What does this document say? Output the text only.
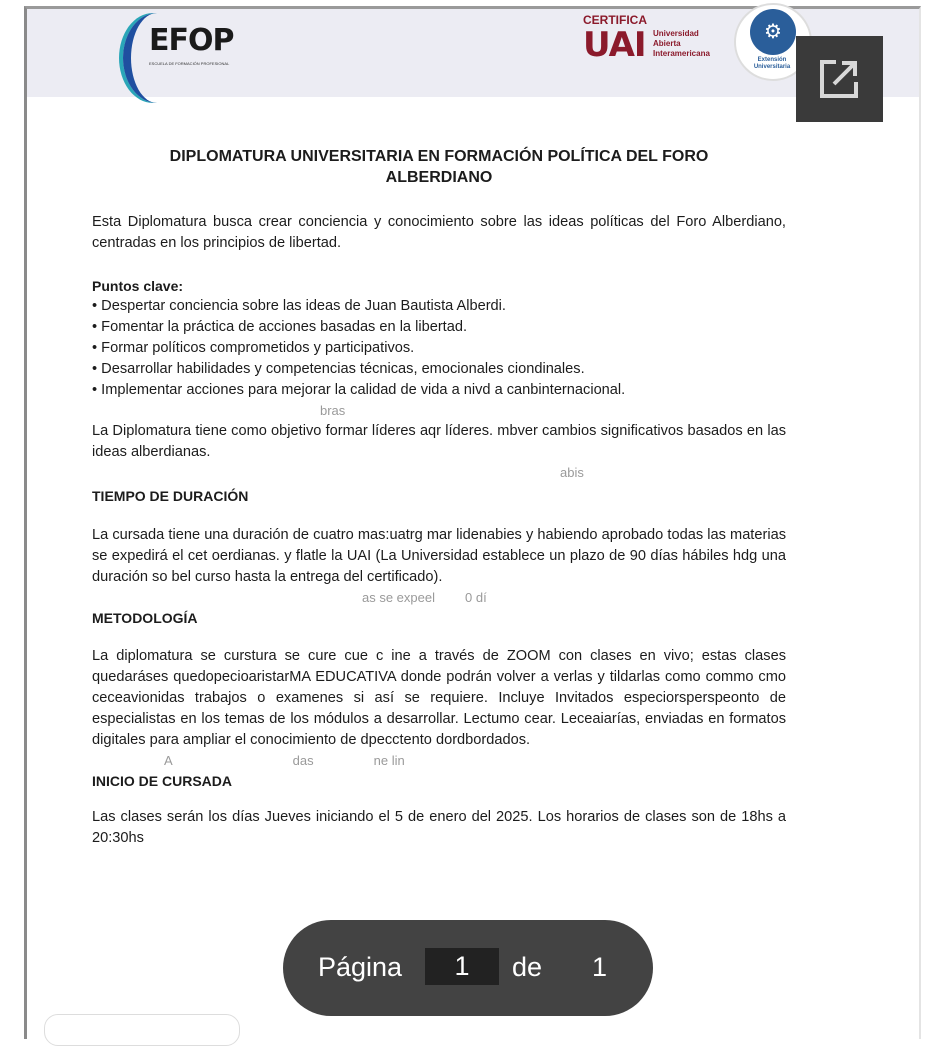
EFOP
ESCUELA DE FORMACIÓN PROFESIONAL
CERTIFICA
UAI Universidad
Abierta
Interamericana
⚙
Extensión Universitaria
DIPLOMATURA UNIVERSITARIA EN FORMACIÓN POLÍTICA DEL FORO ALBERDIANO
Esta Diplomatura busca crear conciencia y conocimiento sobre las ideas políticas del Foro Alberdiano, centradas en los principios de libertad.
Puntos clave:
• Despertar conciencia sobre las ideas de Juan Bautista Alberdi.
• Fomentar la práctica de acciones basadas en la libertad.
• Formar políticos comprometidos y participativos.
• Desarrollar habilidades y competencias técnicas, emocionales ciondinales.
• Implementar acciones para mejorar la calidad de vida a nivd a canbinternacional.
bras
La Diplomatura tiene como objetivo formar líderes aqr líderes. mbver cambios significativos basados en las ideas alberdianas.
abis
TIEMPO DE DURACIÓN
La cursada tiene una duración de cuatro mas:uatrg mar lidenabies y habiendo aprobado todas las materias se expedirá el cet oerdianas. y flatle la UAI (La Universidad establece un plazo de 90 días hábiles hdg una duración so bel curso hasta la entrega del certificado).
as se expeel 0 dí
METODOLOGÍA
La diplomatura se curstura se cure cue c ine a través de ZOOM con clases en vivo; estas clases quedaráses quedopecioaristarMA EDUCATIVA donde podrán volver a verlas y tildarlas como commo cmo ceceavionidas trabajos o examenes si así se requiere. Incluye Invitados especiorsperspeonto de especialistas en los temas de los módulos a desarrollar. Lectumo cear. Leceaiarías, enviadas en formatos digitales para ampliar el conocimiento de dpecctento dordbordados.
A	das	ne lin
INICIO DE CURSADA
Las clases serán los días Jueves iniciando el 5 de enero del 2025. Los horarios de clases son de 18hs a 20:30hs
Página	1	de 1
